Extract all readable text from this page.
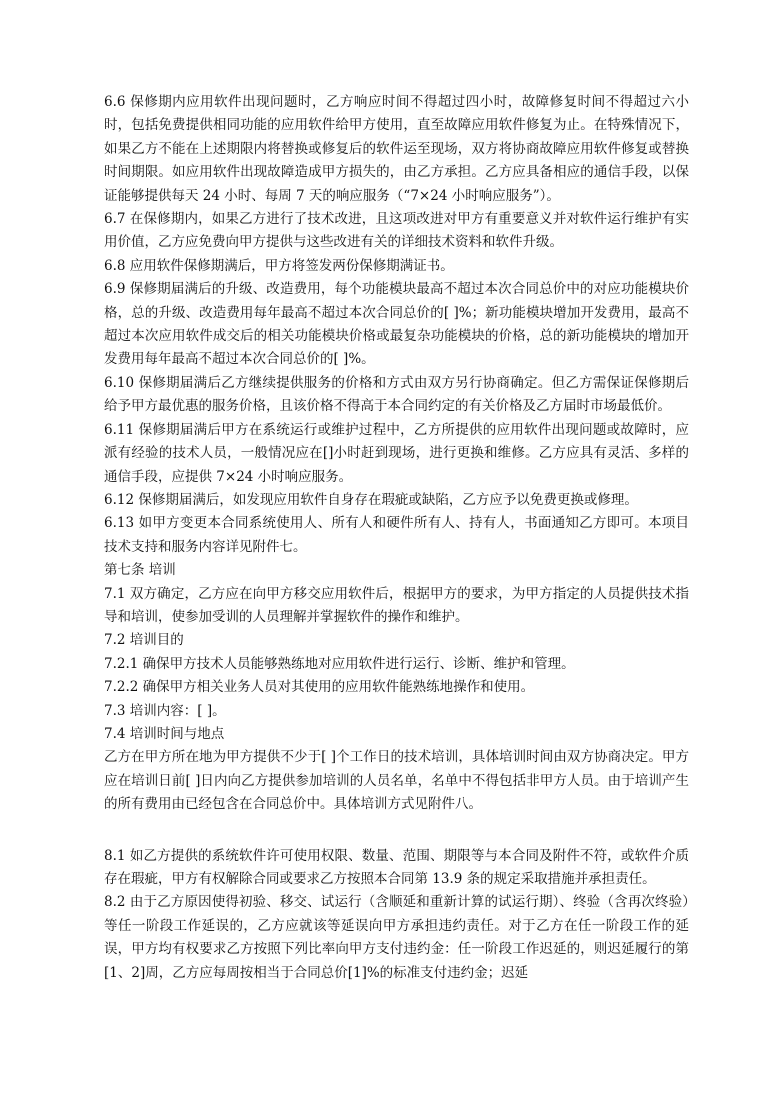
6.6 保修期内应用软件出现问题时，乙方响应时间不得超过四小时，故障修复时间不得超过六小时，包括免费提供相同功能的应用软件给甲方使用，直至故障应用软件修复为止。在特殊情况下，如果乙方不能在上述期限内将替换或修复后的软件运至现场，双方将协商故障应用软件修复或替换时间期限。如应用软件出现故障造成甲方损失的，由乙方承担。乙方应具备相应的通信手段，以保证能够提供每天 24 小时、每周 7 天的响应服务（“7×24 小时响应服务”）。

6.7 在保修期内，如果乙方进行了技术改进，且这项改进对甲方有重要意义并对软件运行维护有实用价值，乙方应免费向甲方提供与这些改进有关的详细技术资料和软件升级。

6.8 应用软件保修期满后，甲方将签发两份保修期满证书。

6.9 保修期届满后的升级、改造费用，每个功能模块最高不超过本次合同总价中的对应功能模块价格，总的升级、改造费用每年最高不超过本次合同总价的[ ]%；新功能模块增加开发费用，最高不超过本次应用软件成交后的相关功能模块价格或最复杂功能模块的价格，总的新功能模块的增加开发费用每年最高不超过本次合同总价的[ ]%。

6.10 保修期届满后乙方继续提供服务的价格和方式由双方另行协商确定。但乙方需保证保修期后给予甲方最优惠的服务价格，且该价格不得高于本合同约定的有关价格及乙方届时市场最低价。

6.11 保修期届满后甲方在系统运行或维护过程中，乙方所提供的应用软件出现问题或故障时，应派有经验的技术人员，一般情况应在[]小时赶到现场，进行更换和维修。乙方应具有灵活、多样的通信手段，应提供 7×24 小时响应服务。

6.12 保修期届满后，如发现应用软件自身存在瑕疵或缺陷，乙方应予以免费更换或修理。

6.13 如甲方变更本合同系统使用人、所有人和硬件所有人、持有人，书面通知乙方即可。本项目技术支持和服务内容详见附件七。

第七条 培训

7.1 双方确定，乙方应在向甲方移交应用软件后，根据甲方的要求，为甲方指定的人员提供技术指导和培训，使参加受训的人员理解并掌握软件的操作和维护。

7.2 培训目的

7.2.1 确保甲方技术人员能够熟练地对应用软件进行运行、诊断、维护和管理。

7.2.2 确保甲方相关业务人员对其使用的应用软件能熟练地操作和使用。

7.3 培训内容：[ ]。

7.4 培训时间与地点

乙方在甲方所在地为甲方提供不少于[ ]个工作日的技术培训，具体培训时间由双方协商决定。甲方应在培训日前[ ]日内向乙方提供参加培训的人员名单，名单中不得包括非甲方人员。由于培训产生的所有费用由已经包含在合同总价中。具体培训方式见附件八。

8.1 如乙方提供的系统软件许可使用权限、数量、范围、期限等与本合同及附件不符，或软件介质存在瑕疵，甲方有权解除合同或要求乙方按照本合同第 13.9 条的规定采取措施并承担责任。

8.2 由于乙方原因使得初验、移交、试运行（含顺延和重新计算的试运行期）、终验（含再次终验）等任一阶段工作延误的，乙方应就该等延误向甲方承担违约责任。对于乙方在任一阶段工作的延误，甲方均有权要求乙方按照下列比率向甲方支付违约金：任一阶段工作迟延的，则迟延履行的第[1、2]周，乙方应每周按相当于合同总价[1]%的标准支付违约金；迟延
